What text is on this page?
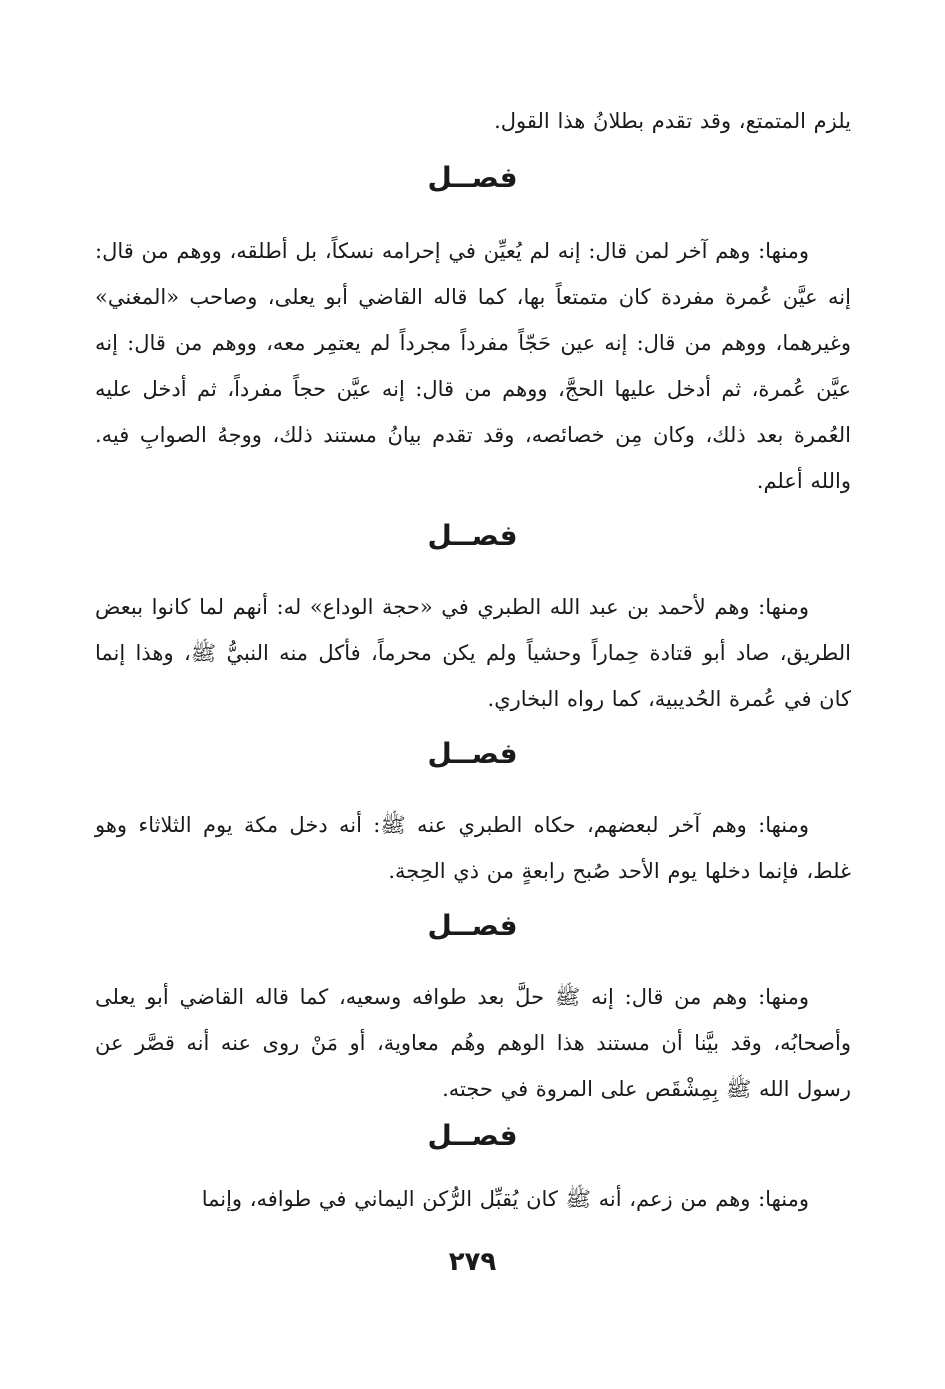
يلزم المتمتع، وقد تقدم بطلانُ هذا القول.

فصــل

ومنها: وهم آخر لمن قال: إنه لم يُعيِّن في إحرامه نسكاً، بل أطلقه، ووهم من قال: إنه عيَّن عُمرة مفردة كان متمتعاً بها، كما قاله القاضي أبو يعلى، وصاحب «المغني» وغيرهما، ووهم من قال: إنه عين حَجّاً مفرداً مجرداً لم يعتمِر معه، ووهم من قال: إنه عيَّن عُمرة، ثم أدخل عليها الحجَّ، ووهم من قال: إنه عيَّن حجاً مفرداً، ثم أدخل عليه العُمرة بعد ذلك، وكان مِن خصائصه، وقد تقدم بيانُ مستند ذلك، ووجهُ الصوابِ فيه. والله أعلم.

فصــل

ومنها: وهم لأحمد بن عبد الله الطبري في «حجة الوداع» له: أنهم لما كانوا ببعض الطريق، صاد أبو قتادة حِماراً وحشياً ولم يكن محرماً، فأكل منه النبيُّ ﷺ، وهذا إنما كان في عُمرة الحُديبية، كما رواه البخاري.

فصــل

ومنها: وهم آخر لبعضهم، حكاه الطبري عنه ﷺ: أنه دخل مكة يوم الثلاثاء وهو غلط، فإنما دخلها يوم الأحد صُبح رابعةٍ من ذي الحِجة.

فصــل

ومنها: وهم من قال: إنه ﷺ حلَّ بعد طوافه وسعيه، كما قاله القاضي أبو يعلى وأصحابُه، وقد بيَّنا أن مستند هذا الوهم وهُم معاوية، أو مَنْ روى عنه أنه قصَّر عن رسول الله ﷺ بِمِشْقَص على المروة في حجته.

فصــل

ومنها: وهم من زعم، أنه ﷺ كان يُقبِّل الرُّكن اليماني في طوافه، وإنما

٢٧٩
